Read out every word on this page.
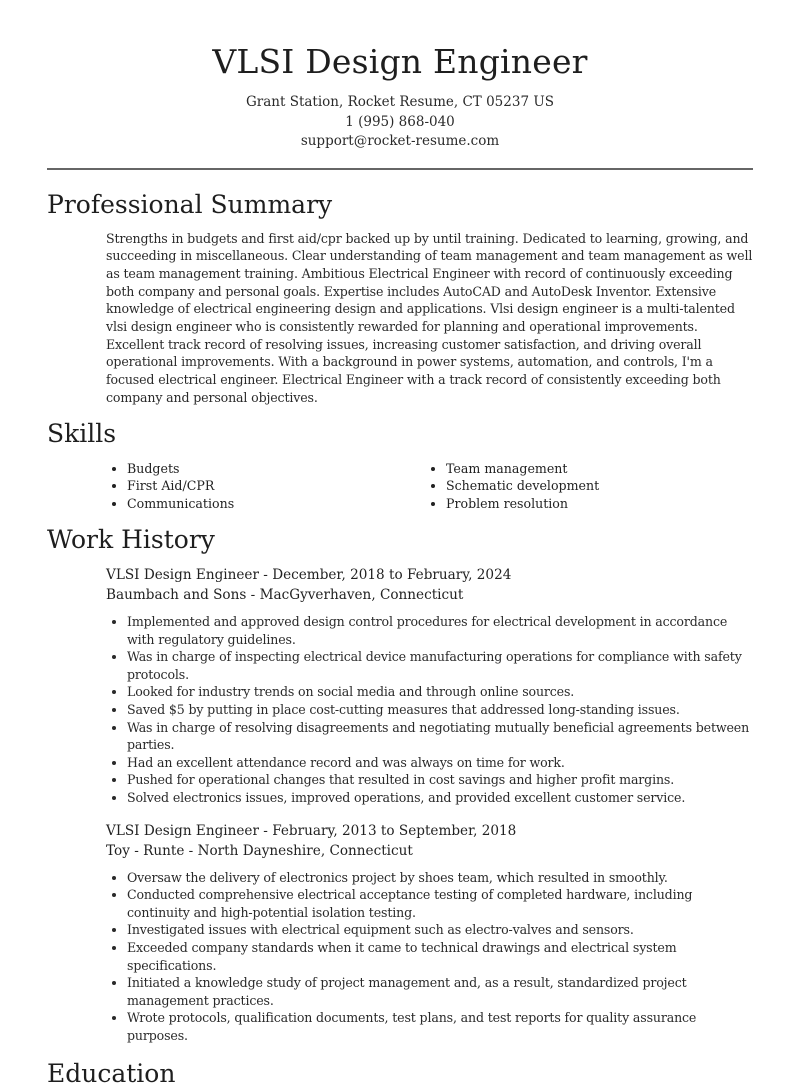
VLSI Design Engineer
Grant Station, Rocket Resume, CT 05237 US
1 (995) 868-040
support@rocket-resume.com
Professional Summary

Strengths in budgets and first aid/cpr backed up by until training. Dedicated to learning, growing, and succeeding in miscellaneous. Clear understanding of team management and team management as well as team management training. Ambitious Electrical Engineer with record of continuously exceeding both company and personal goals. Expertise includes AutoCAD and AutoDesk Inventor. Extensive knowledge of electrical engineering design and applications. Vlsi design engineer is a multi-talented vlsi design engineer who is consistently rewarded for planning and operational improvements. Excellent track record of resolving issues, increasing customer satisfaction, and driving overall operational improvements. With a background in power systems, automation, and controls, I'm a focused electrical engineer. Electrical Engineer with a track record of consistently exceeding both company and personal objectives.

Skills
• Budgets
• First Aid/CPR
• Communications
• Team management
• Schematic development
• Problem resolution
Work History
VLSI Design Engineer - December, 2018 to February, 2024
Baumbach and Sons - MacGyverhaven, Connecticut
• Implemented and approved design control procedures for electrical development in accordance with regulatory guidelines.
• Was in charge of inspecting electrical device manufacturing operations for compliance with safety protocols.
• Looked for industry trends on social media and through online sources.
• Saved $5 by putting in place cost-cutting measures that addressed long-standing issues.
• Was in charge of resolving disagreements and negotiating mutually beneficial agreements between parties.
• Had an excellent attendance record and was always on time for work.
• Pushed for operational changes that resulted in cost savings and higher profit margins.
• Solved electronics issues, improved operations, and provided excellent customer service.
VLSI Design Engineer - February, 2013 to September, 2018
Toy - Runte - North Dayneshire, Connecticut
• Oversaw the delivery of electronics project by shoes team, which resulted in smoothly.
• Conducted comprehensive electrical acceptance testing of completed hardware, including continuity and high-potential isolation testing.
• Investigated issues with electrical equipment such as electro-valves and sensors.
• Exceeded company standards when it came to technical drawings and electrical system specifications.
• Initiated a knowledge study of project management and, as a result, standardized project management practices.
• Wrote protocols, qualification documents, test plans, and test reports for quality assurance purposes.
Education
